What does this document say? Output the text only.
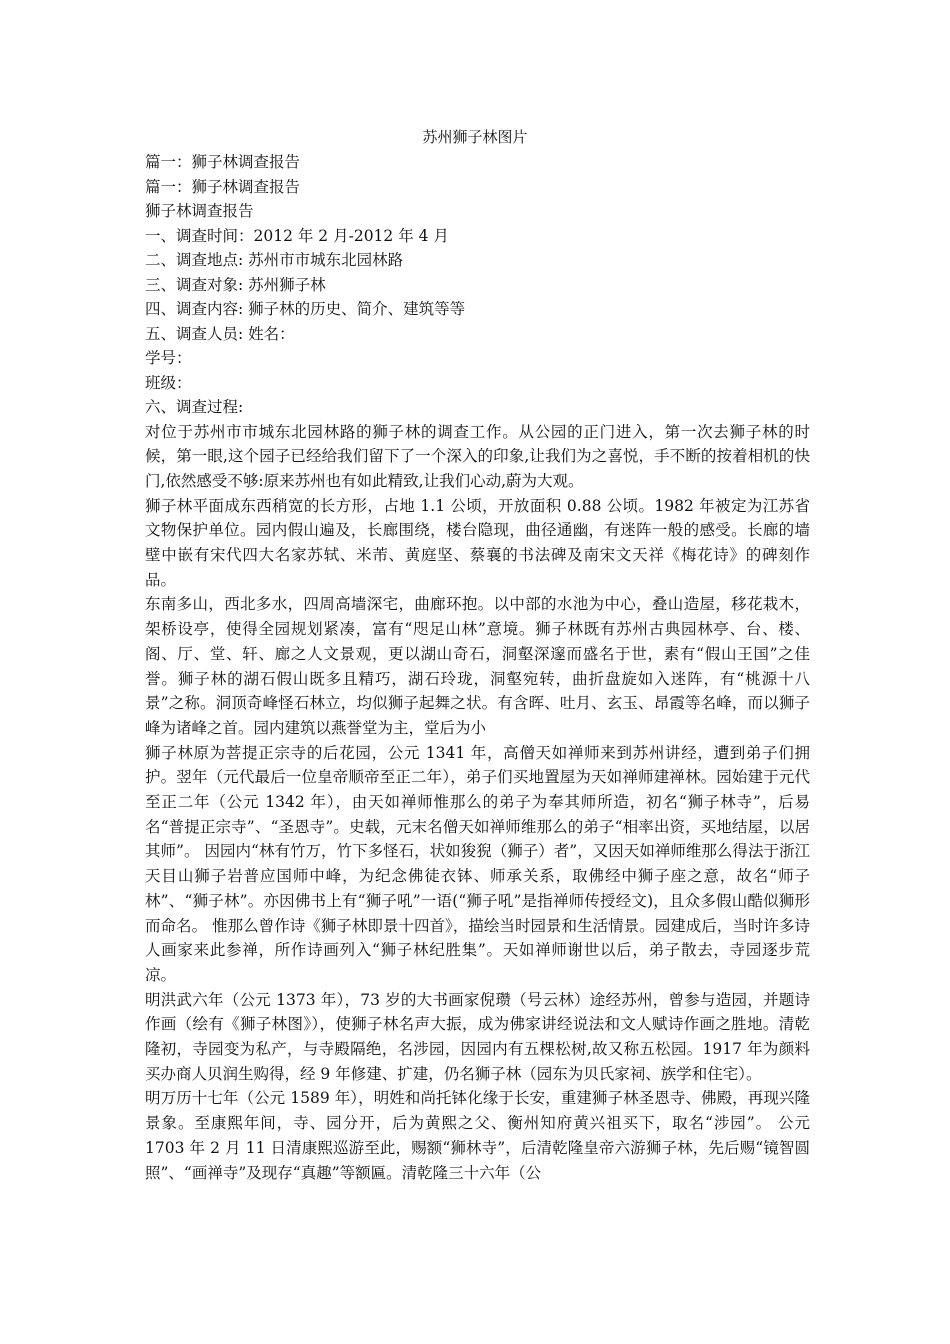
苏州狮子林图片
篇一：狮子林调查报告
篇一：狮子林调查报告
狮子林调查报告
一、调查时间：2012 年 2 月-2012 年 4 月
二、调查地点: 苏州市市城东北园林路
三、调查对象: 苏州狮子林
四、调查内容: 狮子林的历史、简介、建筑等等
五、调查人员: 姓名：
学号：
班级：
六、调查过程:

对位于苏州市市城东北园林路的狮子林的调查工作。从公园的正门进入，第一次去狮子林的时候，第一眼,这个园子已经给我们留下了一个深入的印象,让我们为之喜悦，手不断的按着相机的快门,依然感受不够:原来苏州也有如此精致,让我们心动,蔚为大观。

狮子林平面成东西稍宽的长方形，占地 1.1 公顷，开放面积 0.88 公顷。1982 年被定为江苏省文物保护单位。园内假山遍及，长廊围绕，楼台隐现，曲径通幽，有迷阵一般的感受。长廊的墙壁中嵌有宋代四大名家苏轼、米芾、黄庭坚、蔡襄的书法碑及南宋文天祥《梅花诗》的碑刻作品。

东南多山，西北多水，四周高墙深宅，曲廊环抱。以中部的水池为中心，叠山造屋，移花栽木，架桥设亭，使得全园规划紧凑，富有“咫足山林”意境。狮子林既有苏州古典园林亭、台、楼、阁、厅、堂、轩、廊之人文景观，更以湖山奇石，洞壑深邃而盛名于世，素有“假山王国”之佳誉。狮子林的湖石假山既多且精巧，湖石玲珑，洞壑宛转，曲折盘旋如入迷阵，有“桃源十八景”之称。洞顶奇峰怪石林立，均似狮子起舞之状。有含晖、吐月、玄玉、昂霞等名峰，而以狮子峰为诸峰之首。园内建筑以燕誉堂为主，堂后为小

狮子林原为菩提正宗寺的后花园，公元 1341 年，高僧天如禅师来到苏州讲经，遭到弟子们拥护。翌年（元代最后一位皇帝顺帝至正二年），弟子们买地置屋为天如禅师建禅林。园始建于元代至正二年（公元 1342 年），由天如禅师惟那么的弟子为奉其师所造，初名“狮子林寺”，后易名“普提正宗寺”、“圣恩寺”。史载，元末名僧天如禅师维那么的弟子“相率出资，买地结屋，以居其师”。 因园内“林有竹万，竹下多怪石，状如狻猊（狮子）者”，又因天如禅师维那么得法于浙江天目山狮子岩普应国师中峰，为纪念佛徒衣钵、师承关系，取佛经中狮子座之意，故名“师子林”、“狮子林”。亦因佛书上有“狮子吼”一语(“狮子吼”是指禅师传授经文)，且众多假山酷似狮形而命名。 惟那么曾作诗《狮子林即景十四首》，描绘当时园景和生活情景。园建成后，当时许多诗人画家来此参禅，所作诗画列入“狮子林纪胜集”。天如禅师谢世以后，弟子散去，寺园逐步荒凉。

明洪武六年（公元 1373 年），73 岁的大书画家倪瓒（号云林）途经苏州，曾参与造园，并题诗作画（绘有《狮子林图》），使狮子林名声大振，成为佛家讲经说法和文人赋诗作画之胜地。清乾隆初，寺园变为私产，与寺殿隔绝，名涉园，因园内有五棵松树,故又称五松园。1917 年为颜料买办商人贝润生购得，经 9 年修建、扩建，仍名狮子林（园东为贝氏家祠、族学和住宅）。

明万历十七年（公元 1589 年），明姓和尚托钵化缘于长安，重建狮子林圣恩寺、佛殿，再现兴隆景象。至康熙年间，寺、园分开，后为黄熙之父、衡州知府黄兴祖买下，取名“涉园”。 公元 1703 年 2 月 11 日清康熙巡游至此，赐额“狮林寺”，后清乾隆皇帝六游狮子林，先后赐“镜智圆照”、“画禅寺”及现存“真趣”等额匾。清乾隆三十六年（公
